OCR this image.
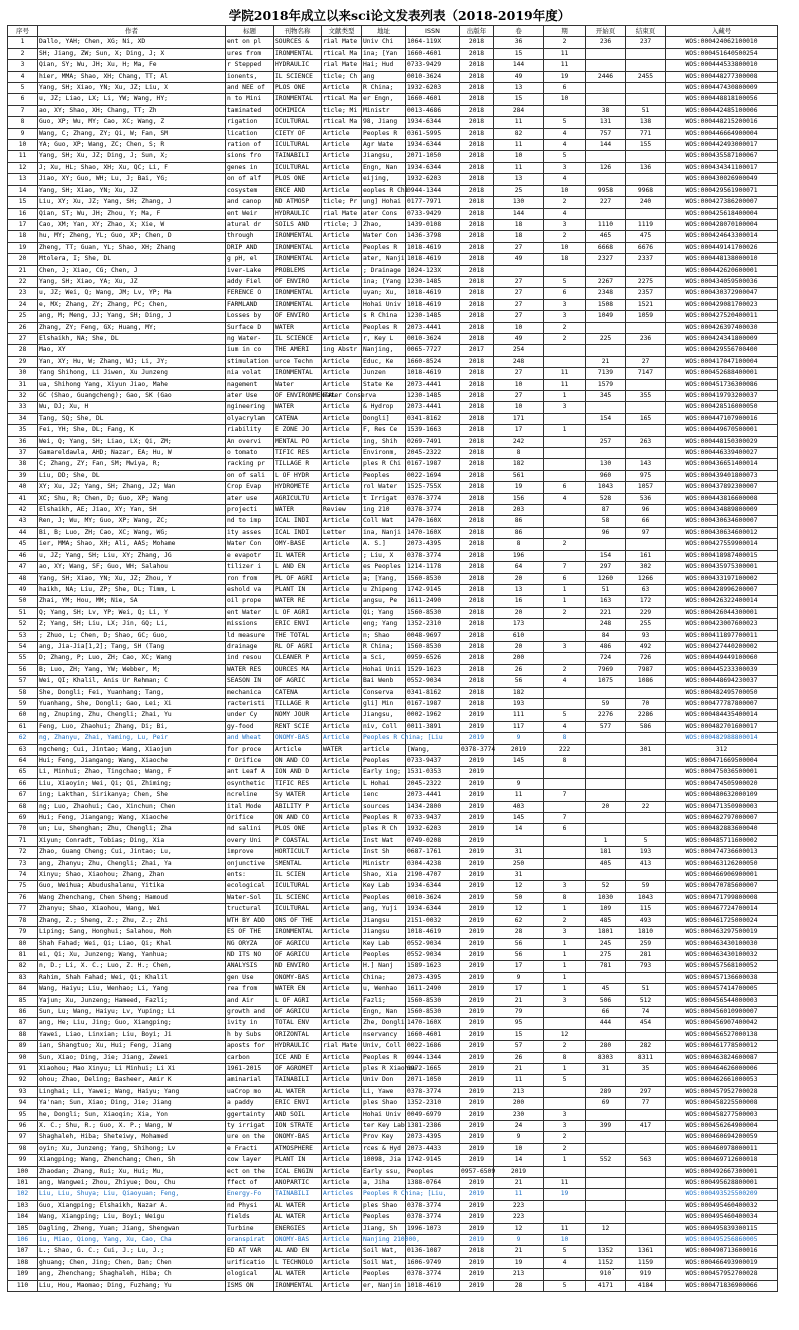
学院2018年成立以来sci论文发表列表（2018-2019年度）
序号	作者	标题	刊物名称	文献类型	地址	ISSN	出版年	卷	期	开始页	结束页	入藏号
1	Dallo, YAH; Chen, XG; Ni, XD	ent on pl	SOURCES &	rial Mate	Univ Chi	1064-119X	2018	36	2	236	237	WOS:000424062100010
2	SH; Jiang, ZW; Sun, X; Ding, J; X	ures from	IRONMENTAL	rtical Ma	ina; [Yan	1660-4601	2018	15	11			WOS:000451640500254
3	Qian, SY; Wu, JH; Xu, H; Ma, Fe	r Stepped	HYDRAULIC	rial Mate	Hai; Hud	0733-9429	2018	144	11			WOS:000444533800010
4	hier, MMA; Shao, XH; Chang, TT; Al	ionents,	IL SCIENCE	ticle; Ch	ang	0010-3624	2018	49	19	2446	2455	WOS:000448277300008
5	Yang, SH; Xiao, YN; Xu, JZ; Liu, X	and NEE of	PLOS ONE	Article	R China;	1932-6203	2018	13	6			WOS:000447430800009
6	u, JZ; Liao, LX; Li, YW; Wang, HY;	n to Mini	IRONMENTAL	rtical Ma	er Engn,	1660-4601	2018	15	10			WOS:000448818100056
7	ao, XY; Shao, XH; Chang, TT; Zh	taminated	OCHIMICA	ticle; Mi	Ministr	0013-4686	2018	284		38	51	WOS:000442485100006
8	Guo, XP; Wu, MY; Cao, XC; Wang, Z	rigation	ICULTURAL	rtical Ma	98, Jiang	1934-6344	2018	11	5	131	138	WOS:000448215200016
9	Wang, C; Zhang, ZY; Qi, W; Fan, SM	lication	CIETY OF	Article	Peoples R	0361-5995	2018	82	4	757	771	WOS:000446664900004
10	YA; Guo, XP; Wang, ZC; Chen, S; R	ration of	ICULTURAL	Article	Agr Wate	1934-6344	2018	11	4	144	155	WOS:000442493000017
11	Yang, SH; Xu, JZ; Ding, J; Sun, X;	sions fro	TAINABILI	Article	Jiangsu,	2071-1050	2018	10	5			WOS:000435587100067
12	J; Xu, HL; Shao, XH; Xu, QC; Li, F	genes in	ICULTURAL	Article	Engn, Nan	1934-6344	2018	11	3	126	136	WOS:000434341100017
13	Jiao, XY; Guo, WH; Lu, J; Bai, YG;	on of alf	PLOS ONE	Article	eijing,	1932-6203	2018	13	4			WOS:000430026900049
14	Yang, SH; Xiao, YN; Xu, JZ	cosystem	ENCE AND	Article	eoples R Chi	0944-1344	2018	25	10	9958	9968	WOS:000429561900071
15	Liu, XY; Xu, JZ; Yang, SH; Zhang, J	and canop	ND ATMOSP	ticle; Pr	ung] Hohai	0177-7971	2018	130	2	227	240	WOS:000427386200007
16	Qian, ST; Wu, JH; Zhou, Y; Ma, F	ent Weir	HYDRAULIC	rial Mate	ater Cons	0733-9429	2018	144	4			WOS:000425618400004
17	Cao, XM; Yan, XY; Zhao, X; Xie, W	atural dr	SOILS AND	rticle; J	Zhao,	1439-0108	2018	18	3	1110	1119	WOS:000428070100004
18	hu, MY; Zheng, YL; Guo, XP; Chen, D	through	IRONMENTAL	Article	Water Con	1436-3798	2018	18	2	465	475	WOS:000424643300014
19	Zheng, TT; Guan, YL; Shao, XH; Zhang	DRIP AND	IRONMENTAL	Article	Peoples R	1018-4619	2018	27	10	6668	6676	WOS:000449141700026
20	Mtolera, I; She, DL	g pH, el	IRONMENTAL	Article	ater, Nanji	1018-4619	2018	49	18	2327	2337	WOS:000448138000010
21	Chen, J; Xiao, CG; Chen, J	iver-Lake	PROBLEMS	Article	; Drainage	1024-123X	2018					WOS:000442620600001
22	Yang, SH; Xiao, YA; Xu, JZ	addy Fiel	OF ENVIRO	Article	ina; [Yang	1230-1485	2018	27	5	2267	2275	WOS:000434059500036
23	u, JZ; Wei, Q; Wang, JM; Lv, YP; Ma	FERENCE O	IRONMENTAL	Article	uyan; Xu,	1018-4619	2018	27	6	2348	2357	WOS:000430372900047
24	e, MX; Zhang, ZY; Zhang, PC; Chen,	FARMLAND	IRONMENTAL	Article	Hohai Univ	1018-4619	2018	27	3	1508	1521	WOS:000429081700023
25	ang, M; Meng, JJ; Yang, SH; Ding, J	Losses by	OF ENVIRO	Article	s R China	1230-1485	2018	27	3	1049	1059	WOS:000427520400011
26	Zhang, ZY; Feng, GX; Huang, MY;	Surface D	WATER	Article	Peoples R	2073-4441	2018	10	2			WOS:000426397400030
27	Elshaikh, NA; She, DL	ng Water-	IL SCIENCE	Article	r, Key L	0010-3624	2018	49	2	225	236	WOS:000424341800009
28	Mao, XY	ium in co	THE AMERI	ing Abstr	Nanjing,	0065-7727	2017	254				WOS:000429556700400
29	Yan, XY; Hu, W; Zhang, WJ; Li, JY;	stimulation	urce Techn	Article	Educ, Ke	1660-8524	2018	248		21	27	WOS:000417047100004
30	Yang Shihong, Li Jiwen, Xu Junzeng	nia volat	IRONMENTAL	Article	Junzen	1018-4619	2018	27	11	7139	7147	WOS:000452688400001
31	ua, Shihong Yang, Xiyun Jiao, Mahe	nagement	Water	Article	State Ke	2073-4441	2018	10	11	1579		WOS:000451736300086
32	GC (Shao, Guangcheng); Gao, SK (Gao	ater Use	OF ENVIRONMENTAL	Water Conserva		1230-1485	2018	27	1	345	355	WOS:000419793200037
33	Wu, DJ; Xu, H	ngineering	WATER	Article	& Hydrop	2073-4441	2018	10	3			WOS:000428516000050
34	Tang, SQ; She, DL	olyacrylam	CATENA	Article	Dongli]	0341-8162	2018	171		154	165	WOS:000447107900016
35	Fei, YH; She, DL; Fang, K	riability	E ZONE JO	Article	F, Res Ce	1539-1663	2018	17	1			WOS:000449670500001
36	Wei, Q; Yang, SH; Liao, LX; Qi, ZM;	An overvi	MENTAL PO	Article	ing, Shih	0269-7491	2018	242		257	263	WOS:000448150300029
37	Gamareldawla, AHD; Nazar, EA; Hu, W	o tomato	TIFIC RES	Article	Environm,	2045-2322	2018	8				WOS:000446339400027
38	C; Zhang, ZY; Fan, SM; Mwiya, R;	racking pr	TILLAGE R	Article	ples R Chi	0167-1987	2018	182		130	143	WOS:000436651400014
39	Liu, DD; She, DL	on of sali	L OF HYDR	Article	Peoples	0022-1694	2018	561		960	975	WOS:000439401800073
40	XY; Xu, JZ; Yang, SH; Zhang, JZ; Wan	Crop Evap	HYDROMETE	Article	rol Water	1525-755X	2018	19	6	1043	1057	WOS:000437892300007
41	XC; Shu, R; Chen, D; Guo, XP; Wang	ater use	AGRICULTU	Article	t Irrigat	0378-3774	2018	156	4	528	536	WOS:000443816600008
42	Elshaikh, AE; Jiao, XY; Yan, SH	projecti	WATER	Review	ing 210	0378-3774	2018	203		87	96	WOS:000434889800009
43	Ren, J; Wu, MY; Guo, XP; Wang, ZC;	nd to imp	ICAL INDI	Article	Coll Wat	1470-160X	2018	86		58	66	WOS:000430634600007
44	Bi, B; Luo, ZH; Cao, XC; Wang, WG;	ity asses	ICAL INDI	Letter	ina, Nanji	1470-160X	2018	86		96	97	WOS:000430634600012
45	ier, MMA; Shao, XH; Ali, AAS; Mohame	Water Con	OMY-BASE	Article	A. S.]	2073-4395	2018	8	2			WOS:000427559900014
46	u, JZ; Yang, SH; Liu, XY; Zhang, JG	e evapotr	IL WATER	Article	; Liu, X	0378-3774	2018	196		154	161	WOS:000418987400015
47	ao, XY; Wang, SF; Guo, WH; Salahou	tilizer i	L AND EN	Article	es Peoples	1214-1178	2018	64	7	297	302	WOS:000435975300001
48	Yang, SH; Xiao, YN; Xu, JZ; Zhou, Y	ron from	PL OF AGRI	Article	a; [Yang,	1560-8530	2018	20	6	1260	1266	WOS:000433197100002
49	haikh, NA; Liu, ZP; She, DL; Timm, L	eshold va	PLANT IN	Article	u Zhipeng	1742-9145	2018	13	1	51	63	WOS:000428996200007
50	Zhai, YM; Hou, MM; Nie, SA	oil prope	WATER RE	Article	angsu, Pe	1611-2490	2018	16	1	163	172	WOS:000426322400014
51	Q; Yang, SH; Lv, YP; Wei, Q; Li, Y	ent Water	L OF AGRI	Article	Qi; Yang	1560-8530	2018	20	2	221	229	WOS:000426044300001
52	Z; Yang, SH; Liu, LX; Jin, GQ; Li,	missions	ERIC ENVI	Article	eng; Yang	1352-2310	2018	173		248	255	WOS:000423007600023
53	; Zhuo, L; Chen, D; Shao, GC; Guo,	ld measure	THE TOTAL	Article	n; Shao	0048-9697	2018	610		84	93	WOS:000411897700011
54	ang, Jia-Jia[1,2]; Tang, SH (Tang	drainage	RL OF AGRI	Article	R China;	1560-8530	2018	20	3	486	492	WOS:000427440200002
55	D; Zhang, P; Luo, ZH; Cao, XC; Wang	ind resou	CLEANER P	Article	a Sci,	0959-6526	2018	200		724	726	WOS:000449449100060
56	B; Luo, ZH; Yang, YW; Webber, M;	WATER RES	OURCES MA	Article	Hohai Unii	1529-1623	2018	26	2	7969	7987	WOS:000445233300039
57	Wei, QI; Khalil, Anis Ur Rehman; C	SEASON IN	OF AGRIC	Article	Bai Wenb	0552-9034	2018	56	4	1075	1086	WOS:000448694230037
58	She, Dongli; Fei, Yuanhang; Tang,	mechanica	CATENA	Article	Conserva	0341-8162	2018	182				WOS:000482495700050
59	Yuanhang, She, Dongli; Gao, Lei; Xi	racteristi	TILLAGE R	Article	gli] Min	0167-1987	2018	193		59	70	WOS:000477787800007
60	ng, Znuping, Zhu, Chengli; Zhai, Yu	under Cy	NOMY JOUR	Article	Jiangsu,	0002-1962	2019	111	5	2276	2286	WOS:000484435400014
61	Feng, Luo, Zhaohui; Zhang, Di; Bi,	gy-food	RENT SCIE	Article	niv, Coll	0011-3891	2019	117	4	577	586	WOS:000482701600017
62	ng, Zhanyu, Zhai, Yaming, Lu, Peir	and Wheat	ONOMY-BAS	Article	Peoples R China; [Liu		2019	9	8			WOS:000482988800014
63	ngcheng; Cui, Jintao; Wang, Xiaojun	for proce	Article	WATER	article	[Wang,	0378-3774	2019	222		301	312
64	Hui; Feng, Jiangang; Wang, Xiaoche	r Orifice	ON AND CO	Article	Peoples	0733-9437	2019	145	8			WOS:000471669500004
65	Li, Minhui; Zhao, Tingchao; Wang, F	ant Leaf A	ION AND D	Article	Early ing;	1531-0353	2019					WOS:000475036500001
66	Liu, Xiaoyin; Wei, Qi; Qi, Zhiming;	osynthetic	TIFIC RES	Article	L Hohai	2045-2322	2019	9				WOS:000474505900020
67	ing; Lakthan, Sirikanya; Chen, She	ncreline	Sy WATER	Article	ienc	2073-4441	2019	11	7			WOS:000480632000109
68	ng; Luo, Zhaohui; Cao, Xinchun; Chen	ital Mode	ABILITY P	Article	sources	1434-2800	2019	403		20	22	WOS:000471350900003
69	Hui; Feng, Jiangang; Wang, Xiaoche	Orifice	ON AND CO	Article	Peoples R	0733-9437	2019	145	7			WOS:000462797000007
70	un; Lu, Shenghan; Zhu, Chengli; Zha	nd salini	PLOS ONE	Article	ples R Ch	1932-6203	2019	14	6			WOS:000482883600040
71	Xiyun; Conradt, Tobias; Ding, Xia	overy Uni	P COASTAL	Article	Inst Wat	0749-0208	2019			1	5	WOS:000485711600002
72	Zhao, Guang Cheng; Cui, Jintao; Lu,	improve	HORTICULT	Article	Inst Sh	0687-1761	2019	31		181	193	WOS:000474736600013
73	ang, Zhanyu; Zhu, Chengli; Zhai, Ya	onjunctive	SMENTAL	Article	Ministr	0304-4238	2019	250		405	413	WOS:000463126200050
74	Xinyu; Shao, Xiaohou; Zhang, Zhan	ents:	IL SCIEN	Article	Shao, Xia	2190-4707	2019	31				WOS:000466906900001
75	Guo, Weihua; Abudushalanu, Yitika	ecological	ICULTURAL	Article	Key Lab	1934-6344	2019	12	3	52	59	WOS:000470785600007
76	Wang Zhenchang, Chen Sheng; Hamoud	Water-Sol	IL SCIENC	Article	Peoples	0010-3624	2019	50	8	1030	1043	WOS:000471799800008
77	Zhanyu; Shao, Xiaohou, Wang, Wei	tructural	ICULTURAL	Article	ang, Yuji	1934-6344	2019	12	1	109	115	WOS:000467724700014
78	Zhang, Z.; Sheng, Z.; Zhu, Z.; Zhi	WTH BY ADD	ONS OF THE	Article	Jiangsu	2151-0032	2019	62	2	485	493	WOS:000461725000024
79	Liping; Sang, Honghui; Salahou, Moh	ES OF THE	IRONMENTAL	Article	Jiangsu	1018-4619	2019	28	3	1801	1810	WOS:000463297500019
80	Shah Fahad; Wei, Qi; Liao, Qi; Khal	NG ORYZA	OF AGRICU	Article	Key Lab	0552-9034	2019	56	1	245	259	WOS:000463430100030
81	ei, Qi; Xu, Junzeng; Wang, Yanhua;	ND ITS NO	OF AGRICU	Article	Peoples	0552-9034	2019	56	1	275	281	WOS:000463430100032
82	n, D.; Li, X. C.; Luo, Z. H.; Chen,	ANALYSIS	ND ENVIRO	Article	H.] Nanj	1589-1623	2019	17	1	781	793	WOS:000457568100052
83	Rahim, Shah Fahad; Wei, Qi; Khalil	gen Use	ONOMY-BAS	Article	China;	2073-4395	2019	9	1			WOS:000457136600038
84	Wang, Haiyu; Liu, Wenhao; Li, Yang	rea from	WATER EN	Article	u, Wenhao	1611-2490	2019	17	1	45	51	WOS:000457414700005
85	Yajun; Xu, Junzeng; Hameed, Fazli;	and Air	L OF AGRI	Article	Fazli;	1560-8530	2019	21	3	506	512	WOS:000456544000003
86	Sun, Lu; Wang, Haiyu; Lv, Yuping; Li	growth and	OF AGRICU	Article	Engn, Nan	1560-8530	2019	79		66	74	WOS:000456010900007
87	ang, He; Liu, Jing; Guo, Xiangping;	ivity in	TOTAL ENV	Article	Zhe, Dongli	1470-160X	2019	95		444	454	WOS:000456907400042
88	Yawei, Liao, Linxian; Liu, Boyi; Ji	h by Subs	ORIZONTAL	Article	nservancy	1660-4601	2019	15	12			WOS:000456527000138
89	ian, Shangtuo; Xu, Hui; Feng, Jiang	aposts for	HYDRAULIC	rial Mate	Univ, Coll	0022-1686	2019	57	2	280	282	WOS:000461778500012
90	Sun, Xiao; Ding, Jie; Jiang, Zewei	carbon	ICE AND E	Article	Peoples R	0944-1344	2019	26	8	8303	8311	WOS:000463824600087
91	Xiaohou; Mao Xinyu; Li Minhui; Li Xi	1961-2015	OF AGROMET	Article	ples R Xiaohou	0972-1665	2019	21	1	31	35	WOS:000464626000006
92	ohou; Zhao, Deling; Basheer, Amir K	aminarial	TAINABILI	Article	Univ Don	2071-1050	2019	11	5			WOS:000462661000053
93	Linghai; Li, Yawei; Wang, Haiyu; Yang	uaCrop mo	AL WATER	Article	Li, Yawe	0378-3774	2019	213		289	297	WOS:000457952700028
94	Ya'nan; Sun, Xiao; Ding, Jie; Jiang	a paddy	ERIC ENVI	Article	ples Shao	1352-2310	2019	200		69	77	WOS:000458225500008
95	he, Dongli; Sun, Xiaoqin; Xia, Yon	ggertainty	AND SOIL	Article	Hohai Univ	0049-6979	2019	230	3			WOS:000458277500003
96	X. C.; Shu, R.; Guo, X. P.; Wang, W	ty irrigat	ION STRATE	Article	ter Key Lab	1381-2386	2019	24	3	399	417	WOS:000456264900004
97	Shaghaleh, Hiba; Sheteiwy, Mohamed	ure on the	ONOMY-BAS	Article	Prov Key	2073-4395	2019	9	2			WOS:000460694200059
98	oyin; Xu, Junzeng; Yang, Shihong; Lv	e Fracti	ATMOSPHERE	Article	rces & Hyd	2073-4433	2019	10	2			WOS:000460978000011
99	Xiangping; Wang, Zhenchang; Chen, Sh	cow layer	PLANT IN	Article	10098, Jia	1742-9145	2019	14	1	552	563	WOS:000469712600018
100	Zhaodan; Zhang, Rui; Xu, Hui; Mu,	ect on the	ICAL ENGIN	Article	Early ssu,	Peoples	0957-6509	2019				WOS:000492667300001
101	ang, Wangwei; Zhou, Zhiyue; Dou, Chu	ffect of	ANOPARTIC	Article	a, Jiha	1388-0764	2019	21	11			WOS:000495628800001
102	Liu, Liu, Shuya; Liu, Qiaoyuan; Feng,	Energy-Fo	TAINABILI	Articles	Peoples R China; [Liu,		2019	11	19			WOS:000493525500209
103	Guo, Xiangping; Elshaikh, Nazar A.	nd Physi	AL WATER	Article	ples Shao	0378-3774	2019	223				WOS:000495460400032
104	Wang, Xiangping; Liu, Boyi; Weigu	fields	AL WATER	Article	Peoples	0378-3774	2019	223				WOS:000495460400034
105	Dagling, Zheng, Yuan; Jiang, Shengwan	Turbine	ENERGIES	Article	Jiang, Sh	1996-1073	2019	12	11	12		WOS:000495839300115
106	iu, Miao, Qiong, Yang, Xu, Cao, Cha	oranspirat	ONOMY-BAS	Article	Nanjing 210000,		2019	9	10			WOS:000495256860005
107	L.; Shao, G. C.; Cui, J.; Lu, J.;	ED AT VAR	AL AND EN	Article	Soil Wat,	0136-1087	2018	21	5	1352	1361	WOS:000490713600016
108	ghuang; Chen, Jing; Chen, Dan; Chen	urificatio	L TECHNOLO	Article	Soil Wat,	1606-9749	2019	19	4	1152	1159	WOS:000466493900019
109	ang, Zhenchang; Shaghaleh, Hiba; Ch	ological	AL WATER	Article	Peoples	0378-3774	2019	213		910	919	WOS:000457952700028
110	Liu, Hou, Maomao; Ding, Fuzhang; Yu	ISMS ON	IRONMENTAL	Article	er, Nanjin	1018-4619	2019	28	5	4171	4184	WOS:000471836900066
.
